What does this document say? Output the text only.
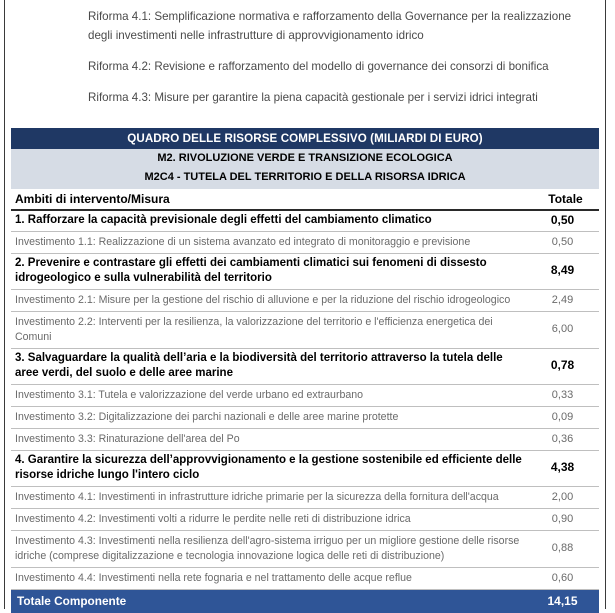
Riforma 4.1: Semplificazione normativa e rafforzamento della Governance per la realizzazione degli investimenti nelle infrastrutture di approvvigionamento idrico

Riforma 4.2: Revisione e rafforzamento del modello di governance dei consorzi di bonifica

Riforma 4.3: Misure per garantire la piena capacità gestionale per i servizi idrici integrati

QUADRO DELLE RISORSE COMPLESSIVO (MILIARDI DI EURO)
M2. RIVOLUZIONE VERDE E TRANSIZIONE ECOLOGICA
M2C4 - TUTELA DEL TERRITORIO E DELLA RISORSA IDRICA
Ambiti di intervento/Misura	Totale
1. Rafforzare la capacità previsionale degli effetti del cambiamento climatico	0,50
Investimento 1.1: Realizzazione di un sistema avanzato ed integrato di monitoraggio e previsione	0,50
2. Prevenire e contrastare gli effetti dei cambiamenti climatici sui fenomeni di dissesto idrogeologico e sulla vulnerabilità del territorio	8,49
Investimento 2.1: Misure per la gestione del rischio di alluvione e per la riduzione del rischio idrogeologico	2,49
Investimento 2.2: Interventi per la resilienza, la valorizzazione del territorio e l'efficienza energetica dei Comuni	6,00
3. Salvaguardare la qualità dell’aria e la biodiversità del territorio attraverso la tutela delle aree verdi, del suolo e delle aree marine	0,78
Investimento 3.1: Tutela e valorizzazione del verde urbano ed extraurbano	0,33
Investimento 3.2: Digitalizzazione dei parchi nazionali e delle aree marine protette	0,09
Investimento 3.3: Rinaturazione dell'area del Po	0,36
4. Garantire la sicurezza dell’approvvigionamento e la gestione sostenibile ed efficiente delle risorse idriche lungo l'intero ciclo	4,38
Investimento 4.1: Investimenti in infrastrutture idriche primarie per la sicurezza della fornitura dell'acqua	2,00
Investimento 4.2: Investimenti volti a ridurre le perdite nelle reti di distribuzione idrica	0,90
Investimento 4.3: Investimenti nella resilienza dell'agro-sistema irriguo per un migliore gestione delle risorse idriche (comprese digitalizzazione e tecnologia innovazione logica delle reti di distribuzione)	0,88
Investimento 4.4: Investimenti nella rete fognaria e nel trattamento delle acque reflue	0,60
Totale Componente	14,15
